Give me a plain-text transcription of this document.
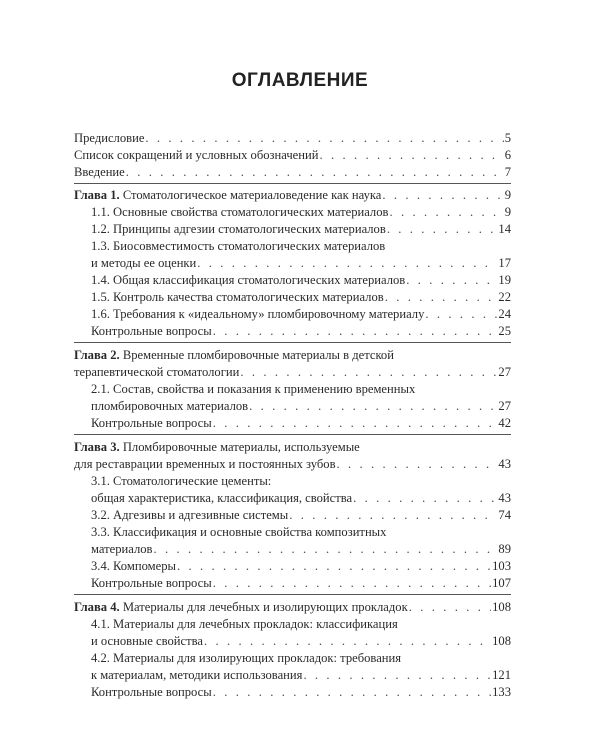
ОГЛАВЛЕНИЕ
Предисловие . . .	5
Список сокращений и условных обозначений . . .	6
Введение . . .	7
Глава 1. Стоматологическое материаловедение как наука . . .	9
1.1. Основные свойства стоматологических материалов . . .	9
1.2. Принципы адгезии стоматологических материалов . . .	14
1.3. Биосовместимость стоматологических материалов
и методы ее оценки . . .	17
1.4. Общая классификация стоматологических материалов . . .	19
1.5. Контроль качества стоматологических материалов . . .	22
1.6. Требования к «идеальному» пломбировочному материалу . . .	24
Контрольные вопросы . . .	25
Глава 2. Временные пломбировочные материалы в детской
терапевтической стоматологии . . .	27
2.1. Состав, свойства и показания к применению временных
пломбировочных материалов . . .	27
Контрольные вопросы . . .	42
Глава 3. Пломбировочные материалы, используемые
для реставрации временных и постоянных зубов . . .	43
3.1. Стоматологические цементы:
общая характеристика, классификация, свойства . . .	43
3.2. Адгезивы и адгезивные системы . . .	74
3.3. Классификация и основные свойства композитных
материалов . . .	89
3.4. Компомеры . . .	103
Контрольные вопросы . . .	107
Глава 4. Материалы для лечебных и изолирующих прокладок . . .	108
4.1. Материалы для лечебных прокладок: классификация
и основные свойства . . .	108
4.2. Материалы для изолирующих прокладок: требования
к материалам, методики использования . . .	121
Контрольные вопросы . . .	133
